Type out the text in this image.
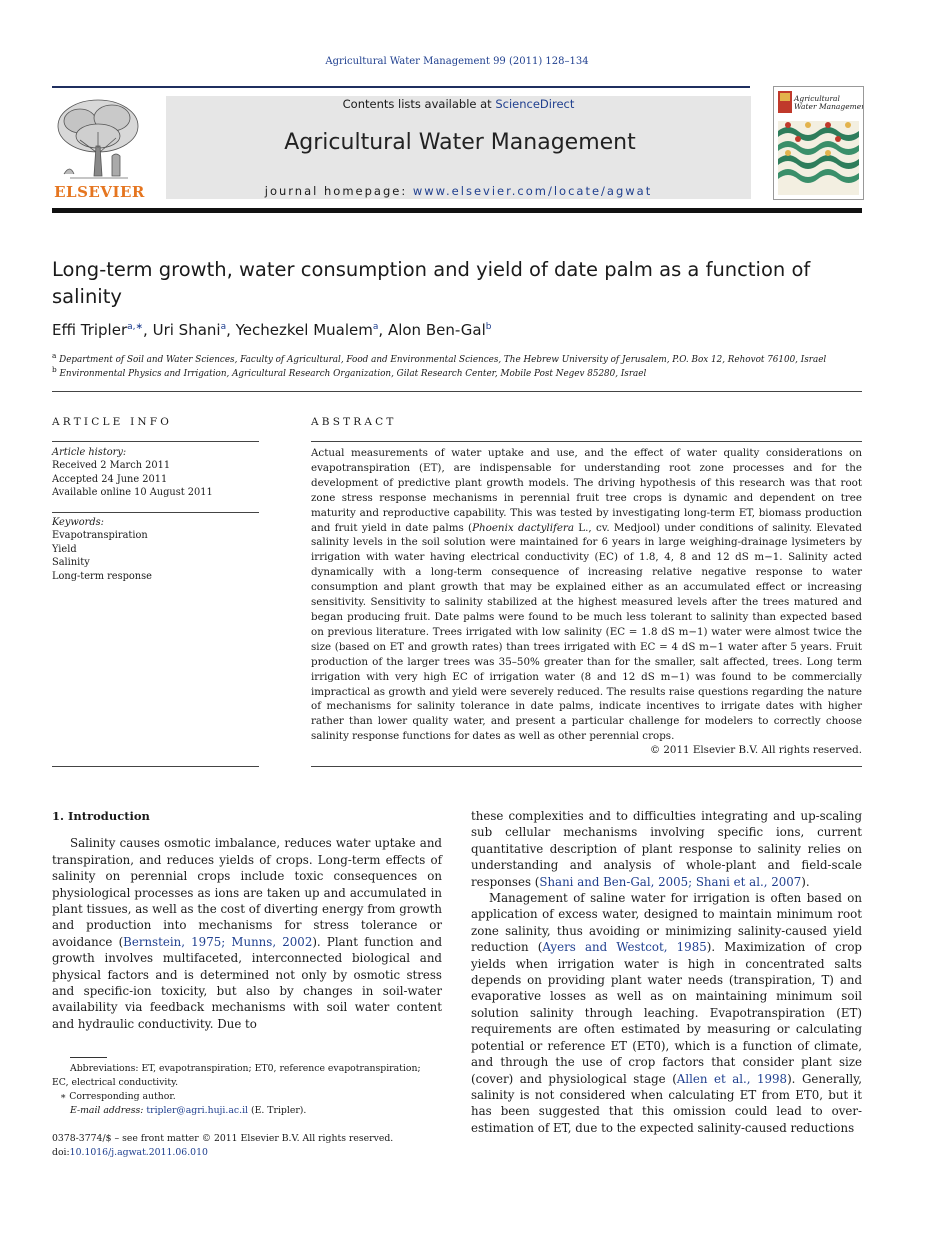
Agricultural Water Management 99 (2011) 128–134
Contents lists available at ScienceDirect
Agricultural Water Management
journal homepage: www.elsevier.com/locate/agwat
ELSEVIER
Agricultural
Water Management
Long-term growth, water consumption and yield of date palm as a function of salinity
Effi Tripler$^{a,∗}$, Uri Shani$^a$, Yechezkel Mualem$^a$, Alon Ben-Gal$^b$
$^a$ Department of Soil and Water Sciences, Faculty of Agricultural, Food and Environmental Sciences, The Hebrew University of Jerusalem, P.O. Box 12, Rehovot 76100, Israel
$^b$ Environmental Physics and Irrigation, Agricultural Research Organization, Gilat Research Center, Mobile Post Negev 85280, Israel
ARTICLE INFO
Article history:
Received 2 March 2011
Accepted 24 June 2011
Available online 10 August 2011
Keywords:
Evapotranspiration
Yield
Salinity
Long-term response
ABSTRACT
Actual measurements of water uptake and use, and the effect of water quality considerations on evapotranspiration (ET), are indispensable for understanding root zone processes and for the development of predictive plant growth models. The driving hypothesis of this research was that root zone stress response mechanisms in perennial fruit tree crops is dynamic and dependent on tree maturity and reproductive capability. This was tested by investigating long-term ET, biomass production and fruit yield in date palms (Phoenix dactylifera L., cv. Medjool) under conditions of salinity. Elevated salinity levels in the soil solution were maintained for 6 years in large weighing-drainage lysimeters by irrigation with water having electrical conductivity (EC) of 1.8, 4, 8 and 12 dS m−1. Salinity acted dynamically with a long-term consequence of increasing relative negative response to water consumption and plant growth that may be explained either as an accumulated effect or increasing sensitivity. Sensitivity to salinity stabilized at the highest measured levels after the trees matured and began producing fruit. Date palms were found to be much less tolerant to salinity than expected based on previous literature. Trees irrigated with low salinity (EC = 1.8 dS m−1) water were almost twice the size (based on ET and growth rates) than trees irrigated with EC = 4 dS m−1 water after 5 years. Fruit production of the larger trees was 35–50% greater than for the smaller, salt affected, trees. Long term irrigation with very high EC of irrigation water (8 and 12 dS m−1) was found to be commercially impractical as growth and yield were severely reduced. The results raise questions regarding the nature of mechanisms for salinity tolerance in date palms, indicate incentives to irrigate dates with higher rather than lower quality water, and present a particular challenge for modelers to correctly choose salinity response functions for dates as well as other perennial crops.
© 2011 Elsevier B.V. All rights reserved.
1. Introduction

Salinity causes osmotic imbalance, reduces water uptake and transpiration, and reduces yields of crops. Long-term effects of salinity on perennial crops include toxic consequences on physiological processes as ions are taken up and accumulated in plant tissues, as well as the cost of diverting energy from growth and production into mechanisms for stress tolerance or avoidance (Bernstein, 1975; Munns, 2002). Plant function and growth involves multifaceted, interconnected biological and physical factors and is determined not only by osmotic stress and specific-ion toxicity, but also by changes in soil-water availability via feedback mechanisms with soil water content and hydraulic conductivity. Due to

these complexities and to difficulties integrating and up-scaling sub cellular mechanisms involving specific ions, current quantitative description of plant response to salinity relies on understanding and analysis of whole-plant and field-scale responses (Shani and Ben-Gal, 2005; Shani et al., 2007).

Management of saline water for irrigation is often based on application of excess water, designed to maintain minimum root zone salinity, thus avoiding or minimizing salinity-caused yield reduction (Ayers and Westcot, 1985). Maximization of crop yields when irrigation water is high in concentrated salts depends on providing plant water needs (transpiration, T) and evaporative losses as well as on maintaining minimum soil solution salinity through leaching. Evapotranspiration (ET) requirements are often estimated by measuring or calculating potential or reference ET (ET0), which is a function of climate, and through the use of crop factors that consider plant size (cover) and physiological stage (Allen et al., 1998). Generally, salinity is not considered when calculating ET from ET0, but it has been suggested that this omission could lead to over-estimation of ET, due to the expected salinity-caused reductions

Abbreviations: ET, evapotranspiration; ET0, reference evapotranspiration; EC, electrical conductivity.
∗ Corresponding author.
E-mail address: tripler@agri.huji.ac.il (E. Tripler).
0378-3774/$ – see front matter © 2011 Elsevier B.V. All rights reserved.
doi:10.1016/j.agwat.2011.06.010
